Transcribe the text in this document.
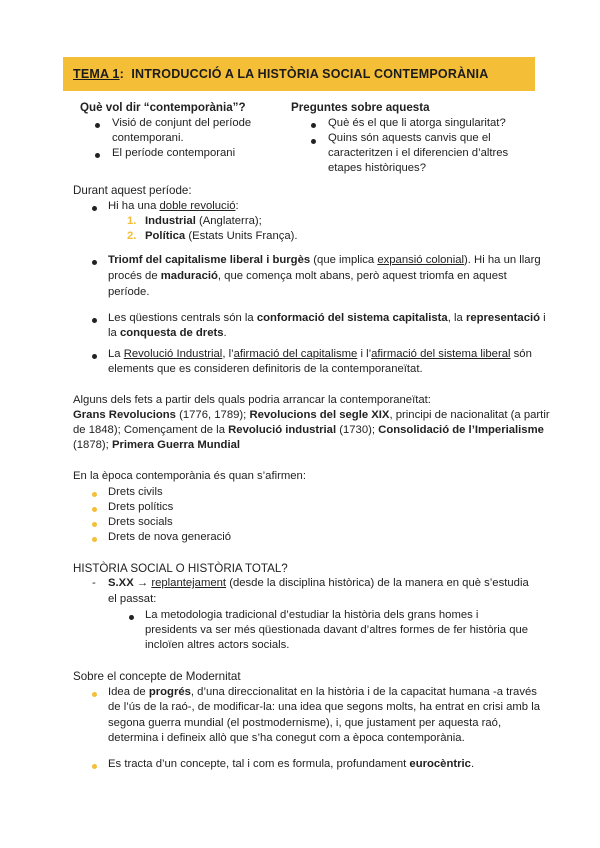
TEMA 1: INTRODUCCIÓ A LA HISTÒRIA SOCIAL CONTEMPORÀNIA
Què vol dir “contemporània”?
Visió de conjunt del període
contemporani.
El període contemporani
Preguntes sobre aquesta
Què és el que li atorga singularitat?
Quins són aquests canvis que el
caracteritzen i el diferencien d’altres
etapes històriques?
Durant aquest període:
Hi ha una doble revolució:
1. Industrial (Anglaterra);
2. Política (Estats Units França).
Triomf del capitalisme liberal i burgès (que implica expansió colonial). Hi ha un llarg
procés de maduració, que comença molt abans, però aquest triomfa en aquest
període.
Les qüestions centrals són la conformació del sistema capitalista, la representació i
la conquesta de drets.
La Revolució Industrial, l’afirmació del capitalisme i l’afirmació del sistema liberal són
elements que es consideren definitoris de la contemporaneïtat.
Alguns dels fets a partir dels quals podria arrancar la contemporaneïtat:
Grans Revolucions (1776, 1789); Revolucions del segle XIX, principi de nacionalitat (a partir
de 1848); Començament de la Revolució industrial (1730); Consolidació de l’Imperialisme
(1878); Primera Guerra Mundial
En la època contemporània és quan s’afirmen:
Drets civils
Drets polítics
Drets socials
Drets de nova generació
HISTÒRIA SOCIAL O HISTÒRIA TOTAL?
- S.XX → replantejament (desde la disciplina històrica) de la manera en què s’estudia
el passat:
La metodologia tradicional d’estudiar la història dels grans homes i
presidents va ser més qüestionada davant d’altres formes de fer història que
incloïen altres actors socials.
Sobre el concepte de Modernitat
Idea de progrés, d’una direccionalitat en la història i de la capacitat humana -a través
de l’ús de la raó-, de modificar-la: una idea que segons molts, ha entrat en crisi amb la
segona guerra mundial (el postmodernisme), i, que justament per aquesta raó,
determina i defineix allò que s’ha conegut com a època contemporània.
Es tracta d’un concepte, tal i com es formula, profundament eurocèntric.
